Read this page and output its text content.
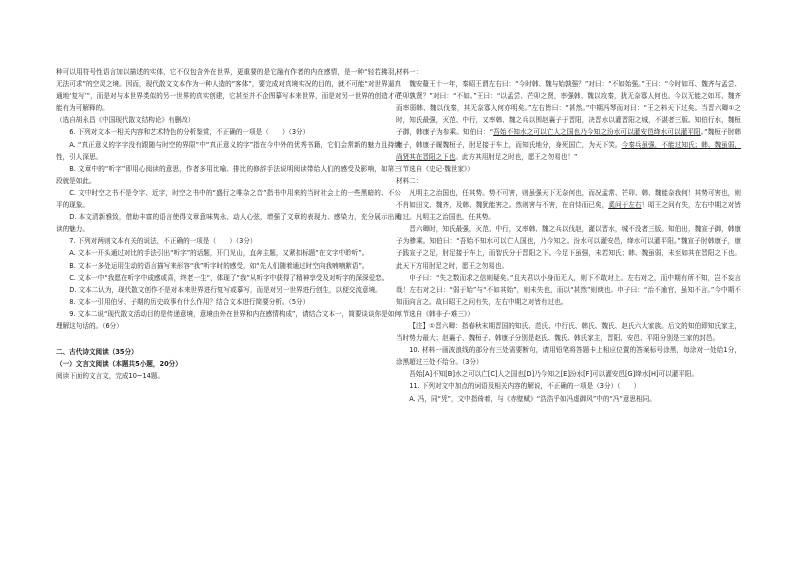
种可以用符号性语言加以描述的实体，它不仅包含外在世界，更重要的是它融有作者的内在感情，是一种“轻若拂羽，无法可求”的空灵之境。因而，现代散文文本作为一种人造的“客体”，要完成对真境实况的目的，就不可能“对世界逼真通地‘复写’”，而是对与本世界类似的另一世界的真实创建，它甚至并不企图摹写本来世界，而是对另一世界的创造才可能有为可解释的。

（选自胡永昌《中国现代散文结构论》有删改）

6. 下列对文本一相关内容和艺术特色的分析鉴赏，不正确的一项是（　　）（3分）

A. “真正意义的字字没有跟随与时空的界限”中“真正意义的字”指在今中外的优秀书籍，它们会常新的魅力且持续性，引人深思。

B. 文章中的“听字”即用心阅读的意思，作者多用比喻、排比的修辞手法说明阅读带给人们的感受及影响，如第三段就是如此。

C. 文中时空之书不是令字、近字，时空之书中的“盛行之唯杂之音”指书中用来的当时社会上的一些黑暗的、不公平的现象。

D. 本文清新雅致，借助丰富的语言使得文章意味隽永、动人心弦，增强了文章的表现力、感染力，充分展示出阅读的魅力。

7. 下列对两则文本有关的说法，不正确的一项是（　　）（3分）

A. 文本一开头通过对比的手法引出“听字”的话题，开门见山，直奔主题，又紧扣标题“在文字中聆听”。

B. 文本一多处运用生动的语言描写来形容“我”听字时的感受，如“先人们随着通过时空向我喃喃絮语”。

C. 文本一中“我愿在听字中成感或喜，终老一生”，体现了“我”从听字中获得了精神享受及对听字的深深爱恋。

D. 文本二认为，现代散文创作不是对本来世界进行复写或摹写，而是对另一世界进行创生，以便交流意境。

8. 文本一引用伯牙、子期的历史故事有什么作用？结合文本进行简要分析。（5分）

9. 文本二说“现代散文活动目的是传递意境，意境由外在世界和内在感情构成”，请结合文本一，简要谈谈你是如何理解这句话的。（6分）

二、古代诗文阅读（35分）

（一）文言文阅读（本题共5小题，20分）

阅读下面的文言文，完成10~14题。

材料一：

魏安釐王十一年，秦昭王谓左右曰：“今时韩、魏与始孰强？”对曰：“不如始强。”王曰：“今时如耳、魏齐与孟尝、芒卯孰贤？”对曰：“不如。”王曰：“以孟尝、芒卯之贤，率强韩、魏以攻秦，犹无奈寡人何也。今以无能之如耳、魏齐而率弱韩、魏以伐秦，其无奈寡人何亦明矣。”左右皆曰：“甚然。”中期冯琴而对曰：“王之料天下过矣。当晋六卿①之时，知氏最强，灭范、中行，又率韩、魏之兵以围赵襄子于晋阳，决晋水以灌晋阳之城，不湛者三版。知伯行水，魏桓子御，韩康子为参乘。知伯曰：“吾始不知水之可以亡人之国也乃今知之汾水可以灌安邑绛水可以灌平阳。”魏桓子肘韩康子，韩康子履魏桓子，肘足接于车上，而知氏地分，身死国亡，为天下笑。今秦兵虽强，不能过知氏；韩、魏虽弱，尚贤其在晋阳之下也。此方其用肘足之时也，愿王之勿易也！”

（节选自《史记·魏世家》）

材料二：

凡明主之治国也，任其势。势不可害，则虽强天下无奈何也，而况孟常、芒卯、韩、魏能奈我何！其势可害也，则不肖如田文、魏齐，及韩、魏犹能害之。然则害与不害，在自恃而已矣，奚问于左右！昭王之问有失，左右中期之对皆有过。凡明主之治国也，任其势。

晋六卿时，知氏最强，灭范、中行，又率韩、魏之兵以伐赵，灌以晋水，城不没者三版。知伯出，魏宣子御，韩康子为骖乘。知伯曰：“吾始不知水可以亡人国也，乃今知之。汾水可以灌安邑，绛水可以灌平阳。”魏宣子肘韩康子，康子践宣子之足，肘足接于车上，而智氏分于晋阳之下。今足下虽强，未若知氏；韩、魏虽弱，未至如其在晋阳之下也。此天下方用肘足之时，愿王之勿易也。

申子曰：“失之数而求之信则疑矣。”且夫君以小身而无人，则下不敢对上。左右对之，而中期有所不知，岂不妄言哉！左右对之曰：“弱于始”与“不如其始”，则未失也，而以“甚然”则谀也。申子曰：“治不逾官，虽知不言。”今中期不知而向言之。故曰昭王之问有失，左右中期之对皆有过也。

（节选自《韩非子·难三》）

【注】①晋六卿：指春秋末期晋国的知氏、范氏、中行氏、韩氏、魏氏、赵氏六大家族。后文的知伯即知氏家主，当时势力最大；赵襄子、魏桓子、韩康子分别是赵氏、魏氏、韩氏家主，晋阳、安邑、平阳分别是三家的封邑。

10. 材料一画波浪线的部分有三处需要断句，请用铅笔将答题卡上相应位置的答案标号涂黑，每涂对一处给1分，涂黑超过三处不给分。（3分）

吾始[A]不知[B]水之可以亡[C]人之国也[D]乃今知之[E]汾水[F]可以灌安邑[G]绛水[H]可以灌平阳。

11. 下列对文中加点的词语及相关内容的解说，不正确的一项是（3分）（　　）

A. 冯，同“凭”，文中指倚着，与《赤壁赋》“浩浩乎如冯虚御风”中的“冯”意思相同。
